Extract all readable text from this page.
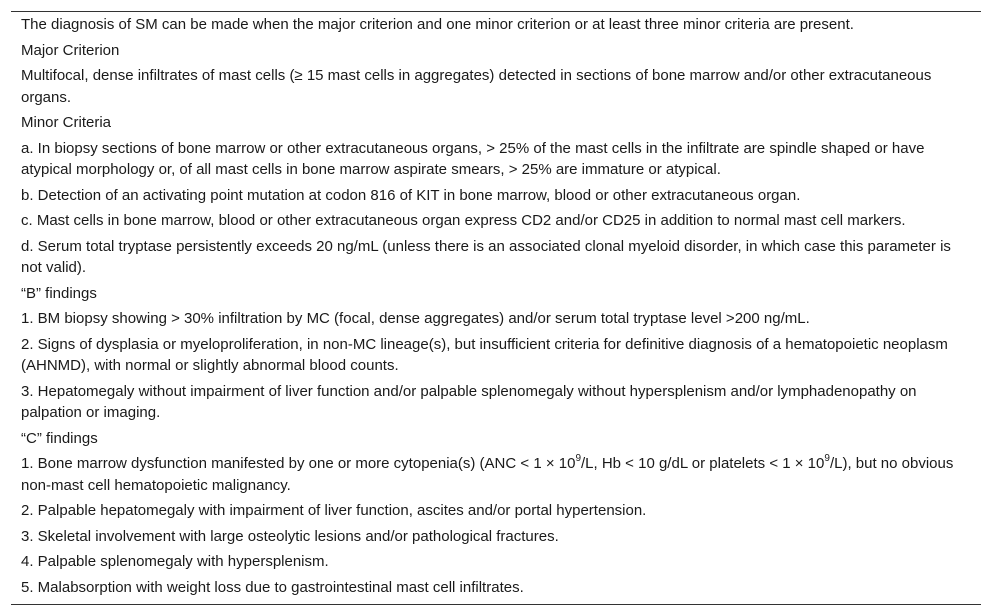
The diagnosis of SM can be made when the major criterion and one minor criterion or at least three minor criteria are present.
Major Criterion
Multifocal, dense infiltrates of mast cells (≥ 15 mast cells in aggregates) detected in sections of bone marrow and/or other extracutaneous organs.
Minor Criteria
a. In biopsy sections of bone marrow or other extracutaneous organs, > 25% of the mast cells in the infiltrate are spindle shaped or have atypical morphology or, of all mast cells in bone marrow aspirate smears, > 25% are immature or atypical.
b. Detection of an activating point mutation at codon 816 of KIT in bone marrow, blood or other extracutaneous organ.
c. Mast cells in bone marrow, blood or other extracutaneous organ express CD2 and/or CD25 in addition to normal mast cell markers.
d. Serum total tryptase persistently exceeds 20 ng/mL (unless there is an associated clonal myeloid disorder, in which case this parameter is not valid).
“B” findings
1. BM biopsy showing > 30% infiltration by MC (focal, dense aggregates) and/or serum total tryptase level >200 ng/mL.
2. Signs of dysplasia or myeloproliferation, in non-MC lineage(s), but insufficient criteria for definitive diagnosis of a hematopoietic neoplasm (AHNMD), with normal or slightly abnormal blood counts.
3. Hepatomegaly without impairment of liver function and/or palpable splenomegaly without hypersplenism and/or lymphadenopathy on palpation or imaging.
“C” findings
1. Bone marrow dysfunction manifested by one or more cytopenia(s) ($ANC < 1 \times 10^9/L$, Hb < 10 g/dL or platelets < $1 \times 10^9/L$), but no obvious non-mast cell hematopoietic malignancy.
2. Palpable hepatomegaly with impairment of liver function, ascites and/or portal hypertension.
3. Skeletal involvement with large osteolytic lesions and/or pathological fractures.
4. Palpable splenomegaly with hypersplenism.
5. Malabsorption with weight loss due to gastrointestinal mast cell infiltrates.
